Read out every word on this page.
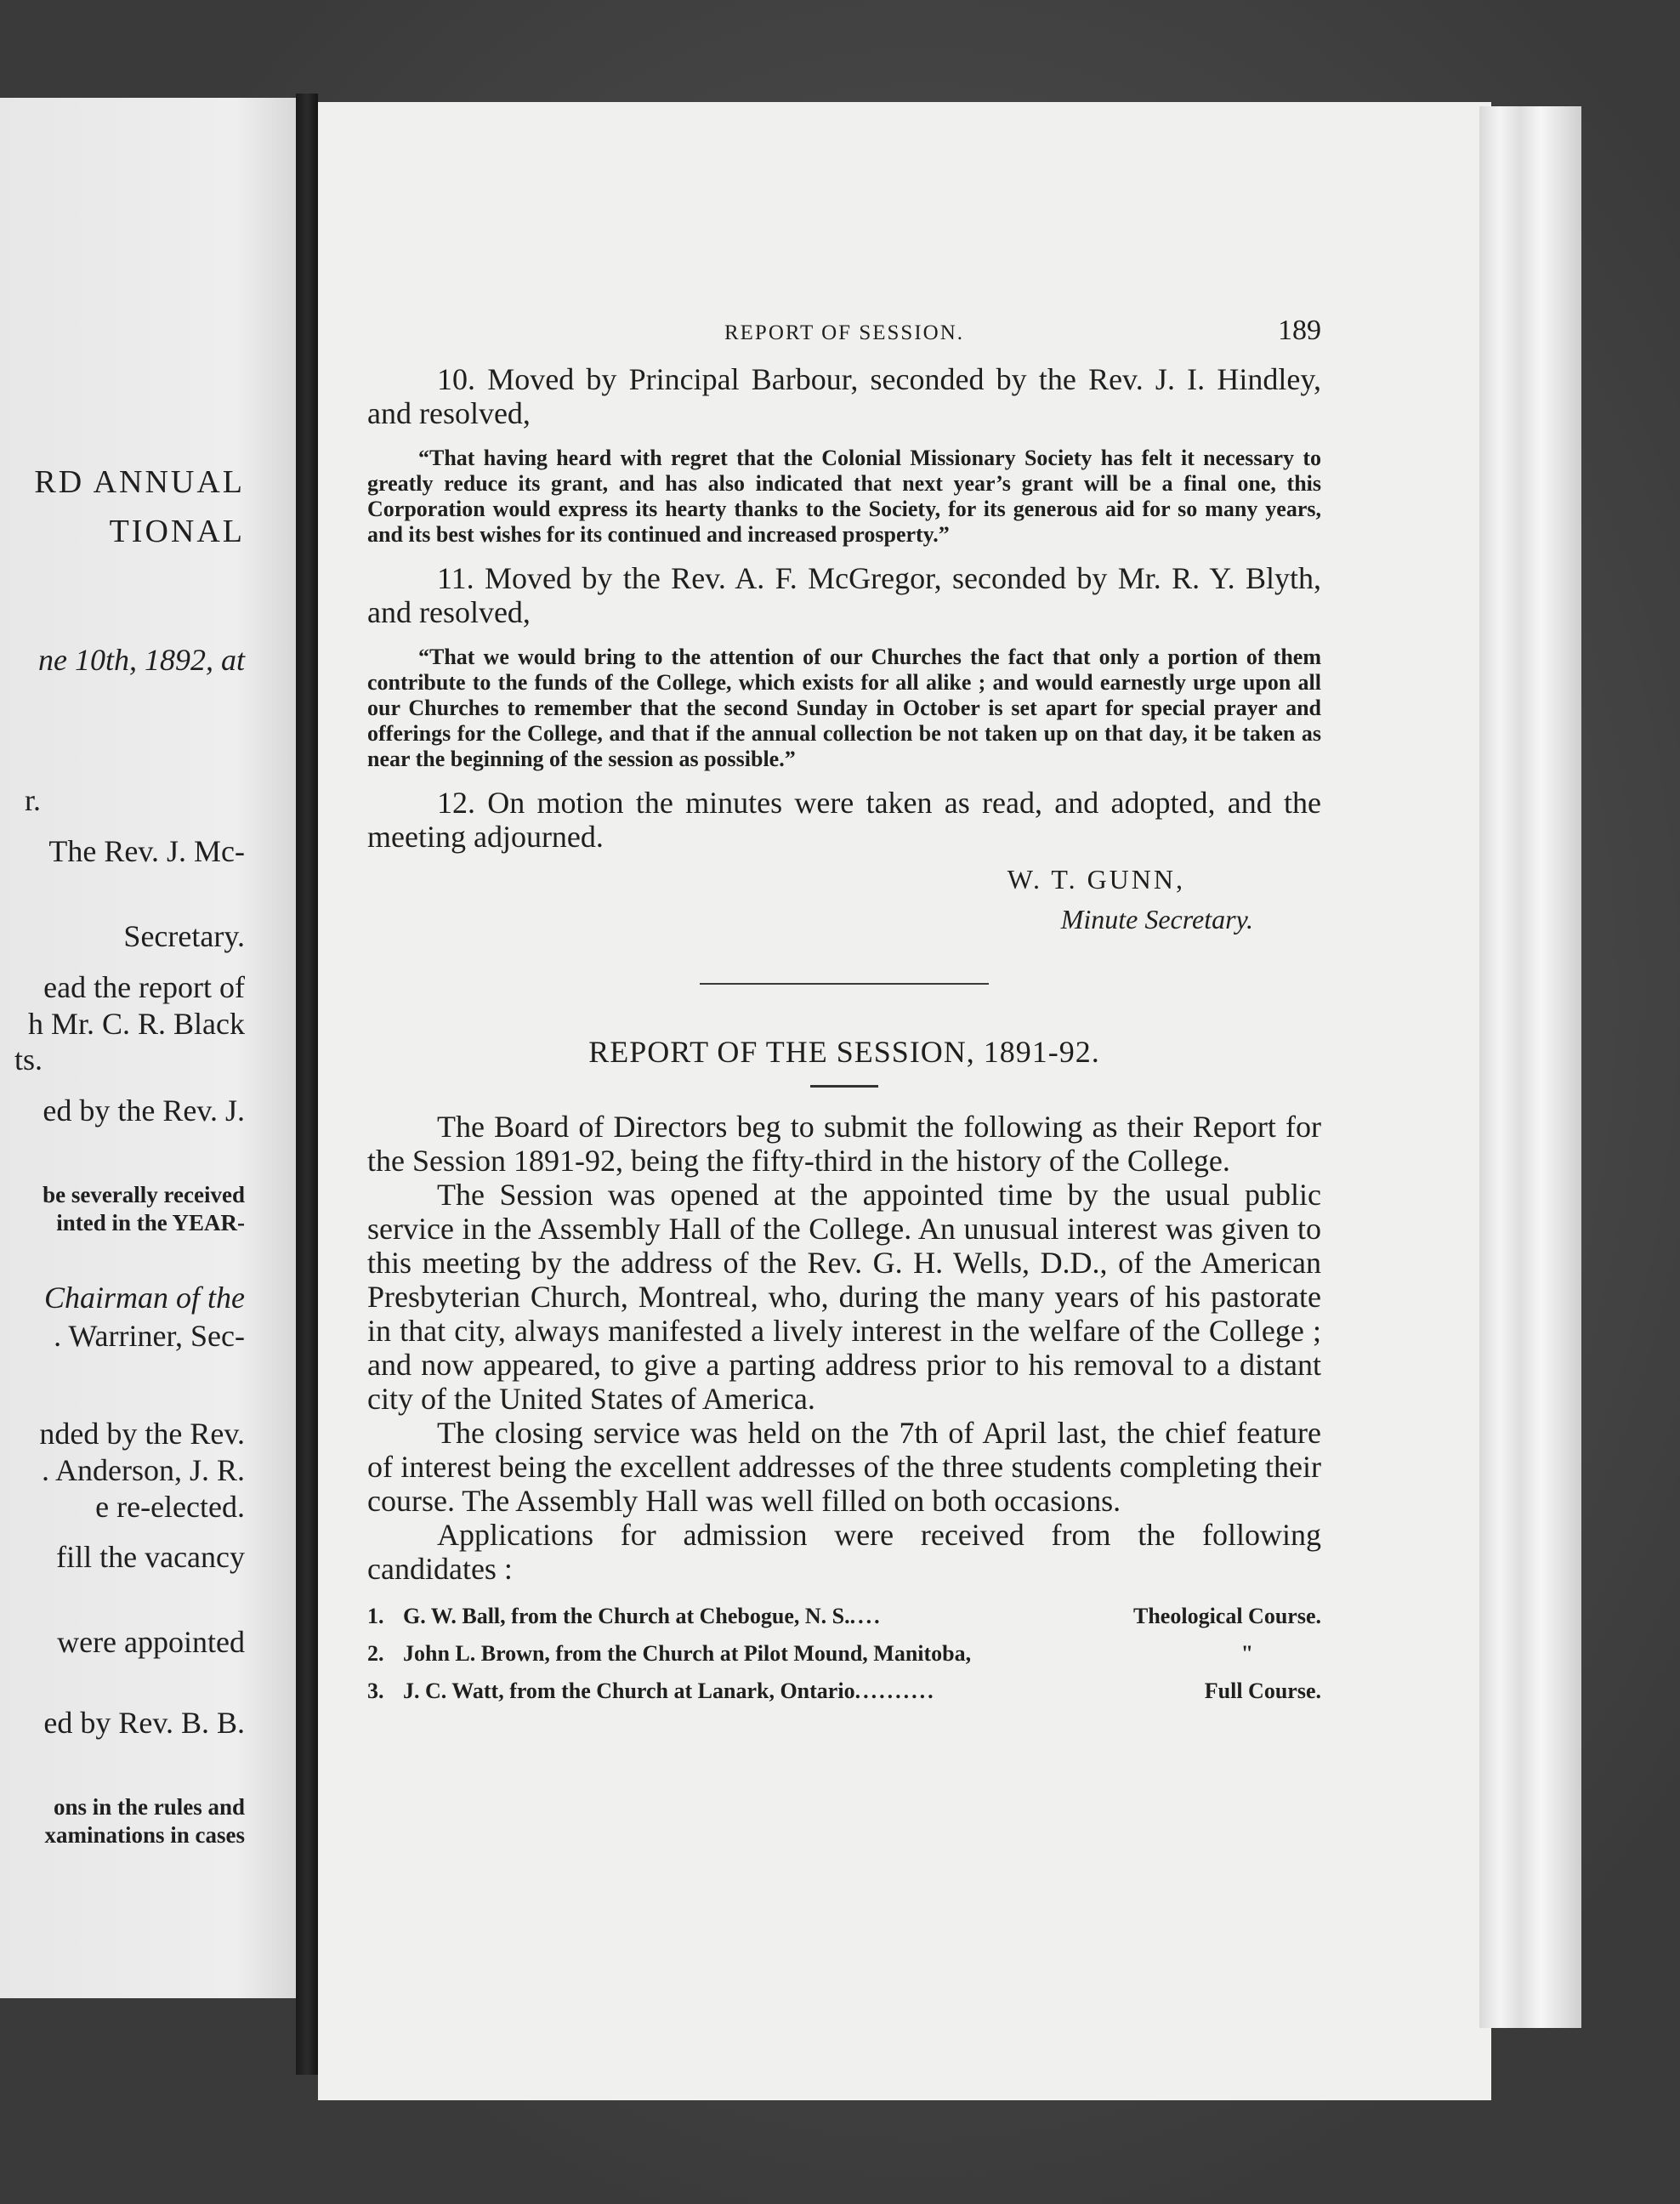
RD ANNUAL
TIONAL
ne 10th, 1892, at
r.
The Rev. J. Mc-
Secretary.
ead the report of
h Mr. C. R. Black
ts.
ed by the Rev. J.
be severally received
inted in the YEAR-
Chairman of the
. Warriner, Sec-
nded by the Rev.
. Anderson, J. R.
e re-elected.
fill the vacancy
were appointed
ed by Rev. B. B.
ons in the rules and
xaminations in cases
REPORT OF SESSION.	189

10. Moved by Principal Barbour, seconded by the Rev. J. I. Hindley, and resolved,

“That having heard with regret that the Colonial Missionary Society has felt it necessary to greatly reduce its grant, and has also indicated that next year’s grant will be a final one, this Corporation would express its hearty thanks to the Society, for its generous aid for so many years, and its best wishes for its continued and increased prosperty.”

11. Moved by the Rev. A. F. McGregor, seconded by Mr. R. Y. Blyth, and resolved,

“That we would bring to the attention of our Churches the fact that only a portion of them contribute to the funds of the College, which exists for all alike ; and would earnestly urge upon all our Churches to remember that the second Sunday in October is set apart for special prayer and offerings for the College, and that if the annual collection be not taken up on that day, it be taken as near the beginning of the session as possible.”

12. On motion the minutes were taken as read, and adopted, and the meeting adjourned.

W. T. GUNN,
Minute Secretary.
REPORT OF THE SESSION, 1891-92.

The Board of Directors beg to submit the following as their Report for the Session 1891-92, being the fifty-third in the history of the College.

The Session was opened at the appointed time by the usual public service in the Assembly Hall of the College. An unusual interest was given to this meeting by the address of the Rev. G. H. Wells, D.D., of the American Presbyterian Church, Montreal, who, during the many years of his pastorate in that city, always manifested a lively interest in the welfare of the College ; and now appeared, to give a parting address prior to his removal to a distant city of the United States of America.

The closing service was held on the 7th of April last, the chief feature of interest being the excellent addresses of the three students completing their course. The Assembly Hall was well filled on both occasions.

Applications for admission were received from the following candidates :

1. G. W. Ball, from the Church at Chebogue, N. S. ....	Theological Course.
2. John L. Brown, from the Church at Pilot Mound, Manitoba,	"
3. J. C. Watt, from the Church at Lanark, Ontario ..........	Full Course.
